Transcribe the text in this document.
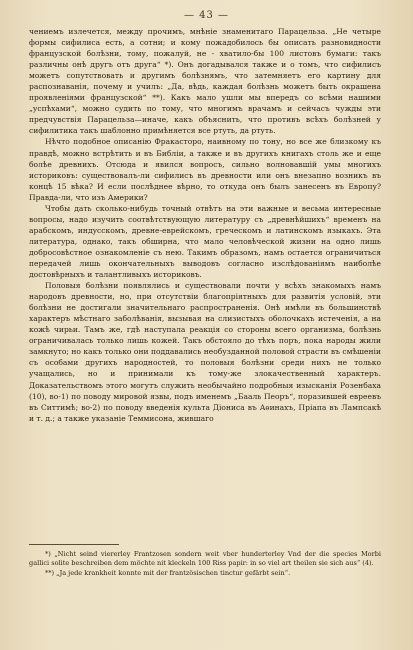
— 43 —

чениемъ излечется, между прочимъ, мнѣніе знаменитаго Парацельза. „Не четыре формы сифилиса есть, а сотни; и кому пожадобилось бы описать разновидности французской болѣзни, тому, пожалуй, не - хватило-бы 100 листовъ бумаги: такъ различны онѣ другъ отъ друга“ *). Онъ догадывался также и о томъ, что сифилисъ можетъ сопутствовать и другимъ болѣзнямъ, что затемняетъ его картину для распознаванія, почему и училъ: „Да, вѣдь, каждая болѣзнь можетъ быть окрашена проявленіями французской“ **). Какъ мало ушли мы впередъ со всѣми нашими „успѣхами“, можно судить по тому, что многимъ врачамъ и сейчасъ чужды эти предчувствія Парацельза—иначе, какъ объяснить, что противъ всѣхъ болѣзней у сифилитика такъ шаблонно примѣняется все ртуть, да ртуть.

Нѣчто подобное описанію Фракасторо, наивному по тону, но все же близкому къ правдѣ, можно встрѣтить и въ Библіи, а также и въ другихъ книгахъ столь же и еще болѣе древнихъ. Отсюда и явился вопросъ, сильно волновавшій умы многихъ историковъ: существовалъ-ли сифилисъ въ древности или онъ внезапно возникъ въ концѣ 15 вѣка? И если послѣднее вѣрно, то откуда онъ былъ занесенъ въ Европу? Правда-ли, что изъ Америки?

Чтобы дать сколько-нибудь точный отвѣтъ на эти важные и весьма интересные вопросы, надо изучить соотвѣтствующую литературу съ „древнѣйшихъ“ временъ на арабскомъ, индусскомъ, древне-еврейскомъ, греческомъ и латинскомъ языкахъ. Эта литература, однако, такъ обширна, что мало человѣческой жизни на одно лишь добросовѣстное ознакомленіе съ нею. Такимъ образомъ, намъ остается ограничиться передачей лишь окончательныхъ выводовъ согласно изслѣдованіямъ наиболѣе достовѣрныхъ и талантливыхъ историковъ.

Половыя болѣзни появлялись и существовали почти у всѣхъ знакомыхъ намъ народовъ древности, но, при отсутствіи благопріятныхъ для развитія условій, эти болѣзни не достигали значительнаго распространенія. Онѣ имѣли въ большинствѣ характеръ мѣстнаго заболѣванія, вызывая на слизистыхъ оболочкахъ истеченія, а на кожѣ чирьи. Тамъ же, гдѣ наступала реакція со стороны всего организма, болѣзнь ограничивалась только лишь кожей. Такъ обстояло до тѣхъ поръ, пока народы жили замкнуто; но какъ только они поддавались необузданной половой страсти въ смѣшеніи съ особами другихъ народностей, то половыя болѣзни среди нихъ не только учащались, но и принимали къ тому-же злокачественный характеръ. Доказательствомъ этого могутъ служить необычайно подробныя изысканія Розенбаха (10), во-1) по поводу мировой язвы, подъ именемъ „Бааль Пеоръ“, поразившей евреевъ въ Ситтимѣ; во-2) по поводу введенія культа Діониса въ Аѳинахъ, Пріапа въ Лампсакѣ и т. д.; а также указаніе Теммисона, жившаго

*) „Nicht seind viererley Frantzosen sondern weit vber hunderterley Vnd der die species Morbi gallici solite beschreiben dem möchte nit kleckeln 100 Riss papir: in so viel art theilen sie sich aus“ (4).

**) „Ja jede krankheit konnte mit der frantzösischen tinctur gefärbt sein“.
